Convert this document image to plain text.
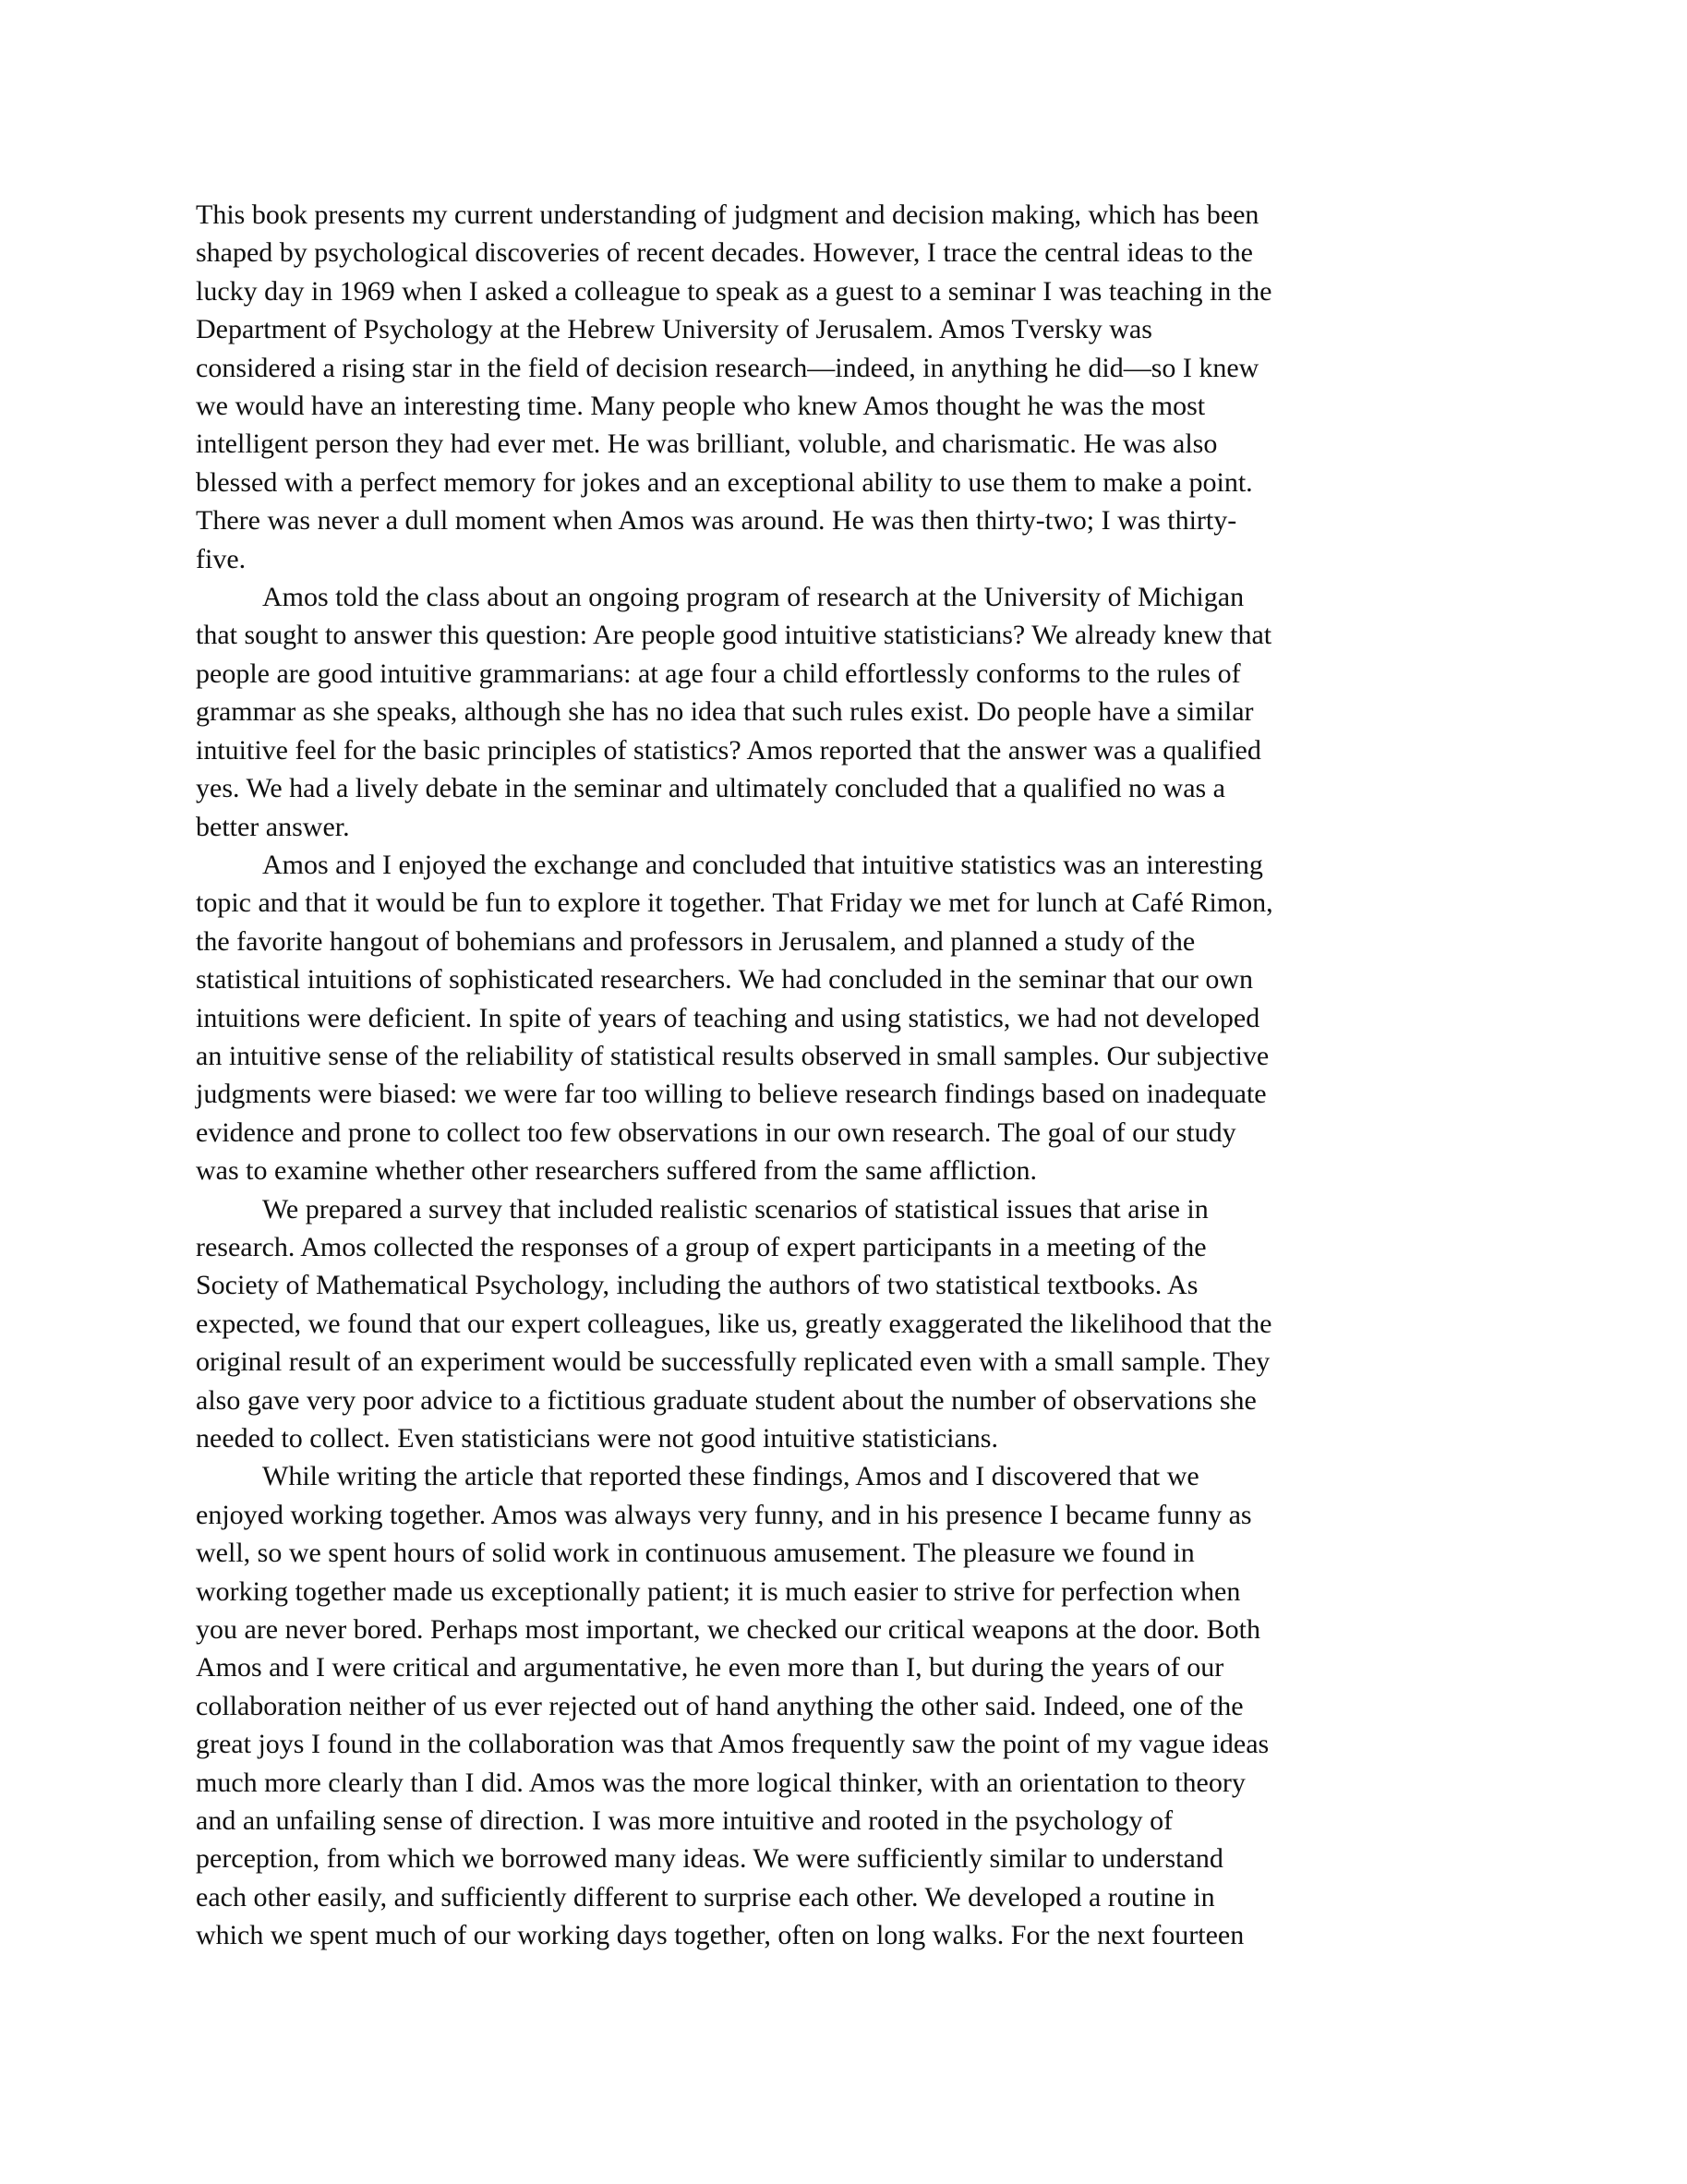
This book presents my current understanding of judgment and decision making, which has been
shaped by psychological discoveries of recent decades. However, I trace the central ideas to the
lucky day in 1969 when I asked a colleague to speak as a guest to a seminar I was teaching in the
Department of Psychology at the Hebrew University of Jerusalem. Amos Tversky was
considered a rising star in the field of decision research—indeed, in anything he did—so I knew
we would have an interesting time. Many people who knew Amos thought he was the most
intelligent person they had ever met. He was brilliant, voluble, and charismatic. He was also
blessed with a perfect memory for jokes and an exceptional ability to use them to make a point.
There was never a dull moment when Amos was around. He was then thirty-two; I was thirty-
five.
Amos told the class about an ongoing program of research at the University of Michigan
that sought to answer this question: Are people good intuitive statisticians? We already knew that
people are good intuitive grammarians: at age four a child effortlessly conforms to the rules of
grammar as she speaks, although she has no idea that such rules exist. Do people have a similar
intuitive feel for the basic principles of statistics? Amos reported that the answer was a qualified
yes. We had a lively debate in the seminar and ultimately concluded that a qualified no was a
better answer.
Amos and I enjoyed the exchange and concluded that intuitive statistics was an interesting
topic and that it would be fun to explore it together. That Friday we met for lunch at Café Rimon,
the favorite hangout of bohemians and professors in Jerusalem, and planned a study of the
statistical intuitions of sophisticated researchers. We had concluded in the seminar that our own
intuitions were deficient. In spite of years of teaching and using statistics, we had not developed
an intuitive sense of the reliability of statistical results observed in small samples. Our subjective
judgments were biased: we were far too willing to believe research findings based on inadequate
evidence and prone to collect too few observations in our own research. The goal of our study
was to examine whether other researchers suffered from the same affliction.
We prepared a survey that included realistic scenarios of statistical issues that arise in
research. Amos collected the responses of a group of expert participants in a meeting of the
Society of Mathematical Psychology, including the authors of two statistical textbooks. As
expected, we found that our expert colleagues, like us, greatly exaggerated the likelihood that the
original result of an experiment would be successfully replicated even with a small sample. They
also gave very poor advice to a fictitious graduate student about the number of observations she
needed to collect. Even statisticians were not good intuitive statisticians.
While writing the article that reported these findings, Amos and I discovered that we
enjoyed working together. Amos was always very funny, and in his presence I became funny as
well, so we spent hours of solid work in continuous amusement. The pleasure we found in
working together made us exceptionally patient; it is much easier to strive for perfection when
you are never bored. Perhaps most important, we checked our critical weapons at the door. Both
Amos and I were critical and argumentative, he even more than I, but during the years of our
collaboration neither of us ever rejected out of hand anything the other said. Indeed, one of the
great joys I found in the collaboration was that Amos frequently saw the point of my vague ideas
much more clearly than I did. Amos was the more logical thinker, with an orientation to theory
and an unfailing sense of direction. I was more intuitive and rooted in the psychology of
perception, from which we borrowed many ideas. We were sufficiently similar to understand
each other easily, and sufficiently different to surprise each other. We developed a routine in
which we spent much of our working days together, often on long walks. For the next fourteen
